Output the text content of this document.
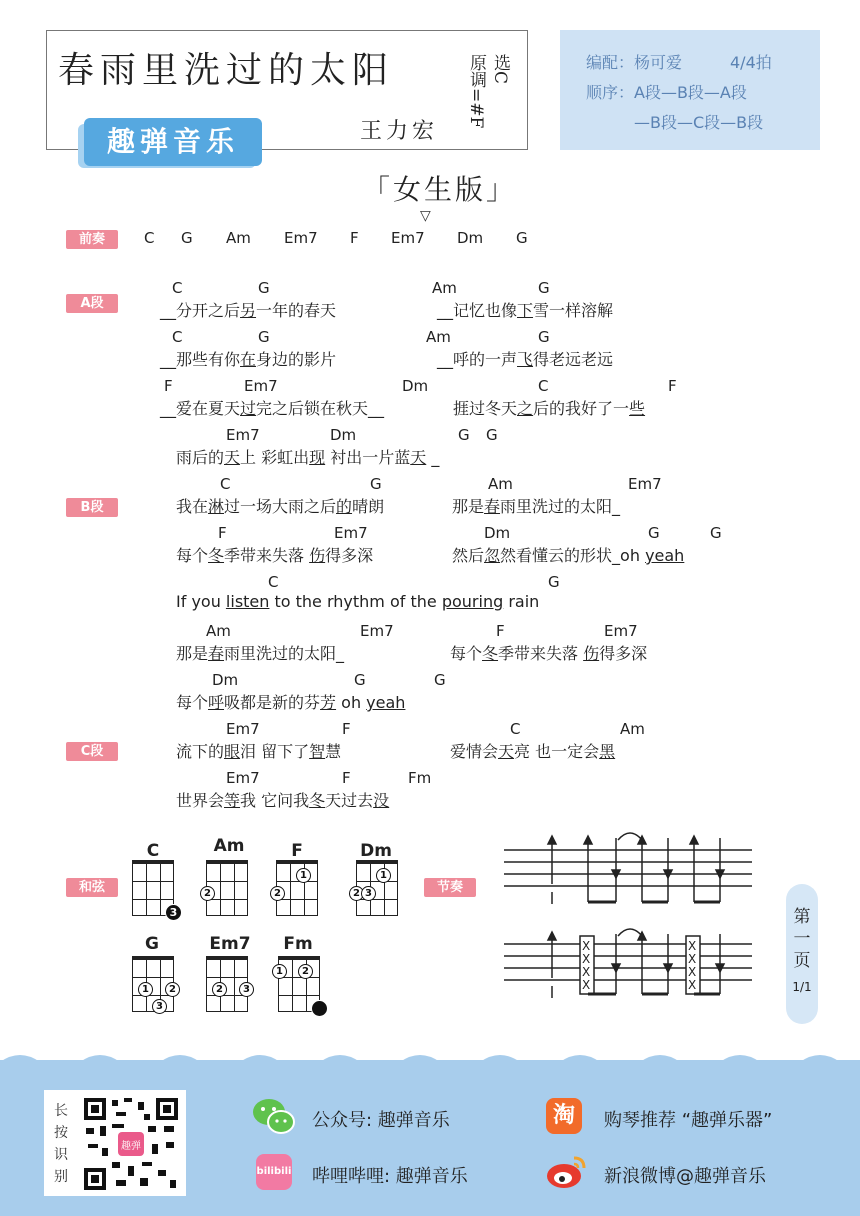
春雨里洗过的太阳	选C
原调=#F
王力宏
趣弹音乐
编配：杨可爱	4/4拍
顺序：A段—B段—A段
—B段—C段—B段
「女生版」
▽
前奏	C G Am Em7 F Em7 Dm G
A段
C	G	Am	G
__分开之后另一年的春天	__记忆也像下雪一样溶解
C	G	Am	G
__那些有你在身边的影片	__呼的一声飞得老远老远
F	Em7	Dm	C	F
__爱在夏天过完之后锁在秋天__	捱过冬天之后的我好了一些
Em7	Dm	G G
雨后的天上 彩虹出现 衬出一片蓝天 _
B段
C	G	Am	Em7
我在淋过一场大雨之后的晴朗	那是春雨里洗过的太阳_
F	Em7	Dm	G	G
每个冬季带来失落 伤得多深	然后忽然看懂云的形状_oh yeah
C	G
If you listen to the rhythm of the pouring rain
Am	Em7	F	Em7
那是春雨里洗过的太阳_	每个冬季带来失落 伤得多深
Dm	G	G
每个呼吸都是新的芬芳 oh yeah
C段
Em7	F	C	Am
流下的眼泪 留下了智慧	爱情会天亮 也一定会黑
Em7	F	Fm
世界会等我 它问我冬天过去没
和弦
C
3
Am
2
F
1
2
Dm
1
2 3
G
1	2
3
Em7
2	3
Fm
1	2
节奏
X
X
X
X
X
X
X
X
第一页
1/1
长按识别
趣弹
公众号: 趣弹音乐
bilibili 哔哩哔哩: 趣弹音乐
淘	购琴推荐 “趣弹乐器”
新浪微博@趣弹音乐
